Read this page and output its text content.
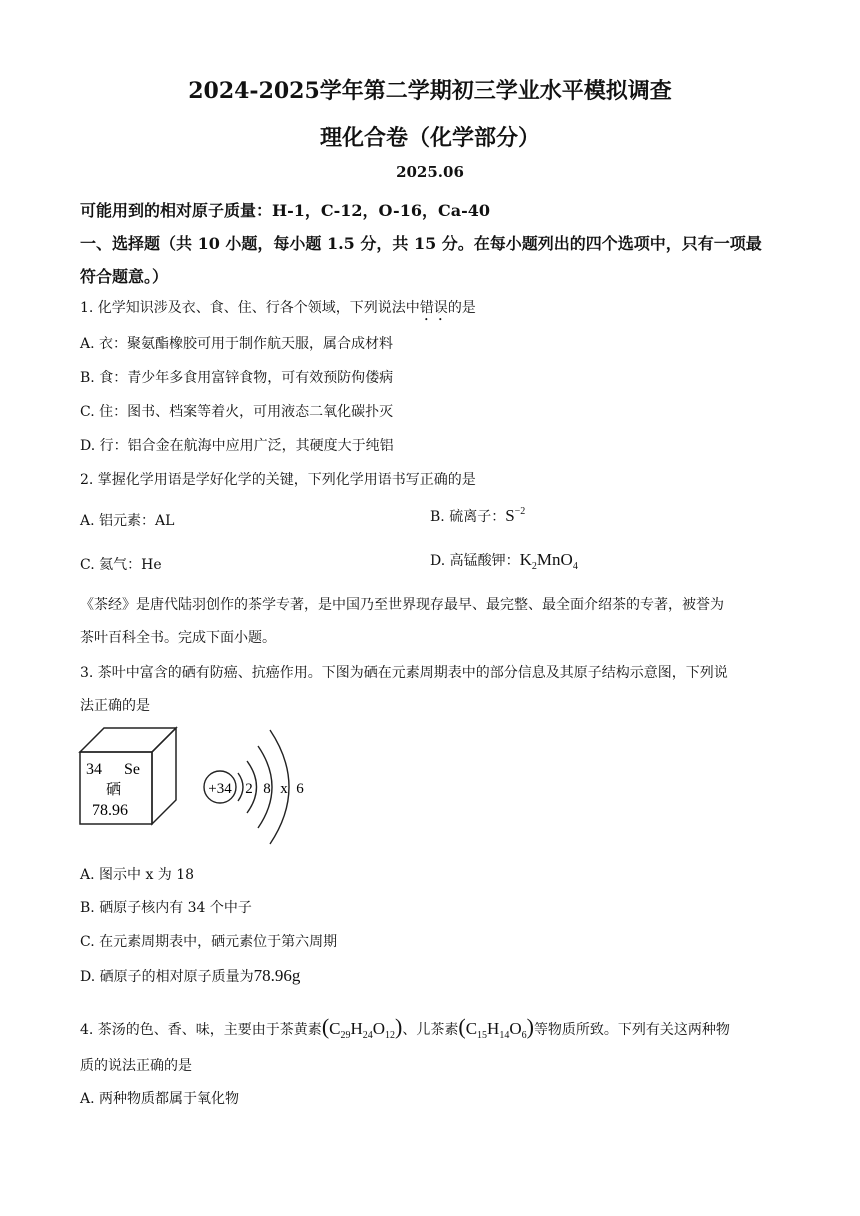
2024-2025学年第二学期初三学业水平模拟调查
理化合卷（化学部分）
2025.06
可能用到的相对原子质量：H-1，C-12，O-16，Ca-40
一、选择题（共 10 小题，每小题 1.5 分，共 15 分。在每小题列出的四个选项中，只有一项最
符合题意。）
1. 化学知识涉及衣、食、住、行各个领域，下列说法中错误的是
A. 衣：聚氨酯橡胶可用于制作航天服，属合成材料
B. 食：青少年多食用富锌食物，可有效预防佝偻病
C. 住：图书、档案等着火，可用液态二氧化碳扑灭
D. 行：铝合金在航海中应用广泛，其硬度大于纯铝
2. 掌握化学用语是学好化学的关键，下列化学用语书写正确的是
A. 铝元素：AL	B. 硫离子：$S^{-2}$
C. 氦气：He	D. 高锰酸钾：$K_2MnO_4$
《茶经》是唐代陆羽创作的茶学专著，是中国乃至世界现存最早、最完整、最全面介绍茶的专著，被誉为
茶叶百科全书。完成下面小题。
3. 茶叶中富含的硒有防癌、抗癌作用。下图为硒在元素周期表中的部分信息及其原子结构示意图，下列说
法正确的是
34 Se
硒
78.96
+34 2 8 x 6
A. 图示中 x 为 18
B. 硒原子核内有 34 个中子
C. 在元素周期表中，硒元素位于第六周期
D. 硒原子的相对原子质量为78.96g
4. 茶汤的色、香、味，主要由于茶黄素$(C_{29}H_{24}O_{12})$、儿茶素$(C_{15}H_{14}O_6)$等物质所致。下列有关这两种物
质的说法正确的是
A. 两种物质都属于氧化物
